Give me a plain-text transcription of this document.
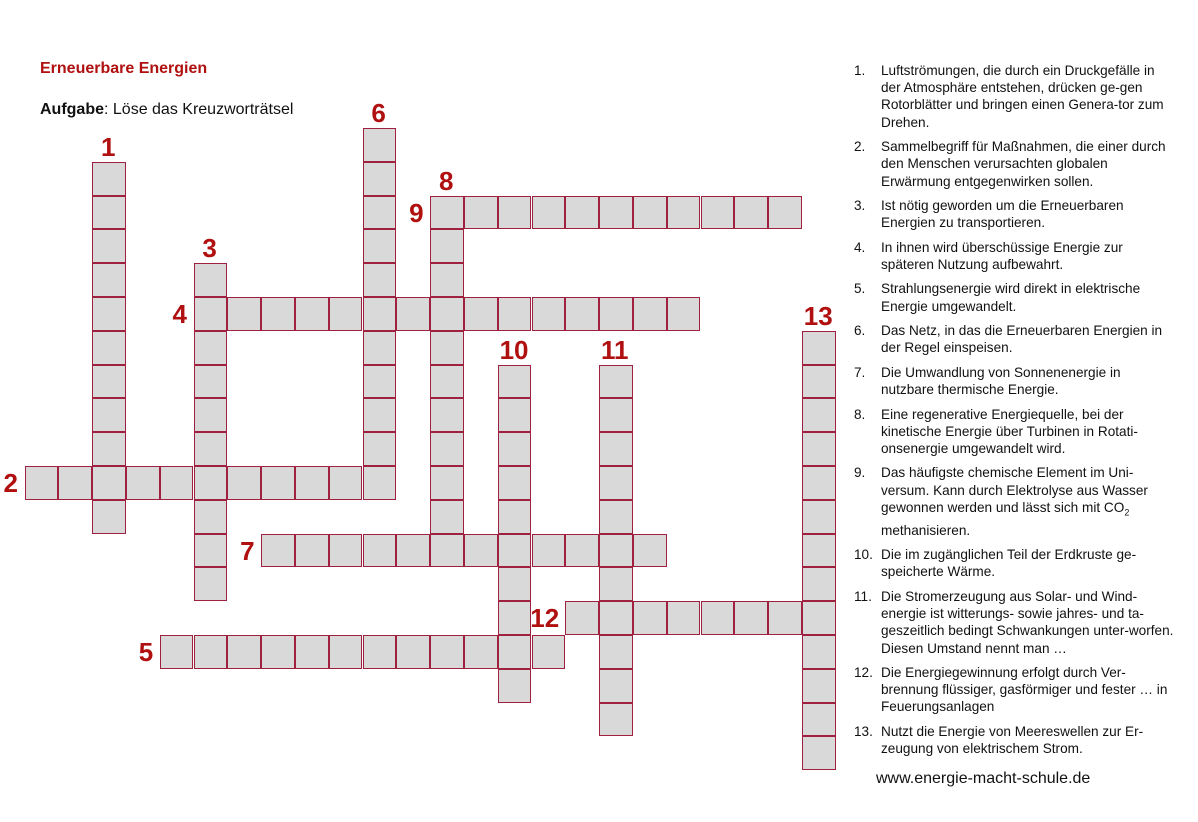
Erneuerbare Energien
Aufgabe: Löse das Kreuzworträtsel
1
2
3
4
5
6
7
8
9
10	11
12
13
1. Luftströmungen, die durch ein Druckgefälle in der Atmosphäre entstehen, drücken ge-gen Rotorblätter und bringen einen Genera-tor zum Drehen.
2. Sammelbegriff für Maßnahmen, die einer durch den Menschen verursachten globalen Erwärmung entgegenwirken sollen.
3. Ist nötig geworden um die Erneuerbaren Energien zu transportieren.
4. In ihnen wird überschüssige Energie zur späteren Nutzung aufbewahrt.
5. Strahlungsenergie wird direkt in elektrische Energie umgewandelt.
6. Das Netz, in das die Erneuerbaren Energien in der Regel einspeisen.
7. Die Umwandlung von Sonnenenergie in nutzbare thermische Energie.
8. Eine regenerative Energiequelle, bei der kinetische Energie über Turbinen in Rotati-onsenergie umgewandelt wird.
9. Das häufigste chemische Element im Uni-versum. Kann durch Elektrolyse aus Wasser gewonnen werden und lässt sich mit $CO_2$ methanisieren.
10. Die im zugänglichen Teil der Erdkruste ge-speicherte Wärme.
11. Die Stromerzeugung aus Solar- und Wind-energie ist witterungs- sowie jahres- und ta-geszeitlich bedingt Schwankungen unter-worfen. Diesen Umstand nennt man …
12. Die Energiegewinnung erfolgt durch Ver-brennung flüssiger, gasförmiger und fester … in Feuerungsanlagen
13. Nutzt die Energie von Meereswellen zur Er-zeugung von elektrischem Strom.
www.energie-macht-schule.de
